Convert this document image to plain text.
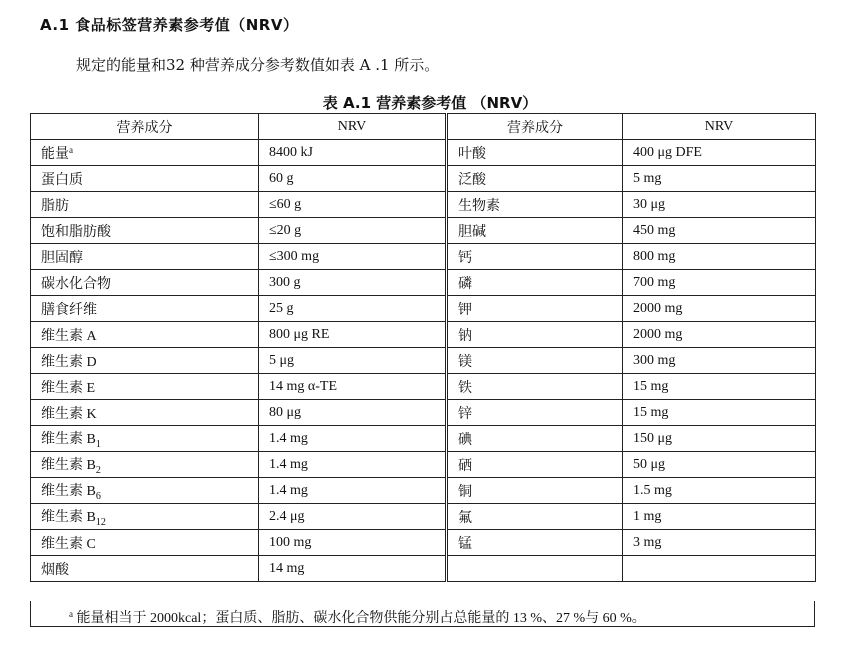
A.1 食品标签营养素参考值（NRV）
规定的能量和32 种营养成分参考数值如表 A .1 所示。
表 A.1 营养素参考值 （NRV）
营养成分	NRV	营养成分	NRV
能量$^a$	8400 kJ	叶酸	400 μg DFE
蛋白质	60 g	泛酸	5 mg
脂肪	≤60 g	生物素	30 μg
饱和脂肪酸	≤20 g	胆碱	450 mg
胆固醇	≤300 mg	钙	800 mg
碳水化合物	300 g	磷	700 mg
膳食纤维	25 g	钾	2000 mg
维生素 A	800 μg RE	钠	2000 mg
维生素 D	5 μg	镁	300 mg
维生素 E	14 mg α-TE	铁	15 mg
维生素 K	80 μg	锌	15 mg
维生素 $B_1$	1.4 mg	碘	150 μg
维生素 $B_2$	1.4 mg	硒	50 μg
维生素 $B_6$	1.4 mg	铜	1.5 mg
维生素 $B_{12}$	2.4 μg	氟	1 mg
维生素 C	100 mg	锰	3 mg
烟酸	14 mg		
$^a$ 能量相当于 2000kcal；蛋白质、脂肪、碳水化合物供能分别占总能量的 13 %、27 %与 60 %。
